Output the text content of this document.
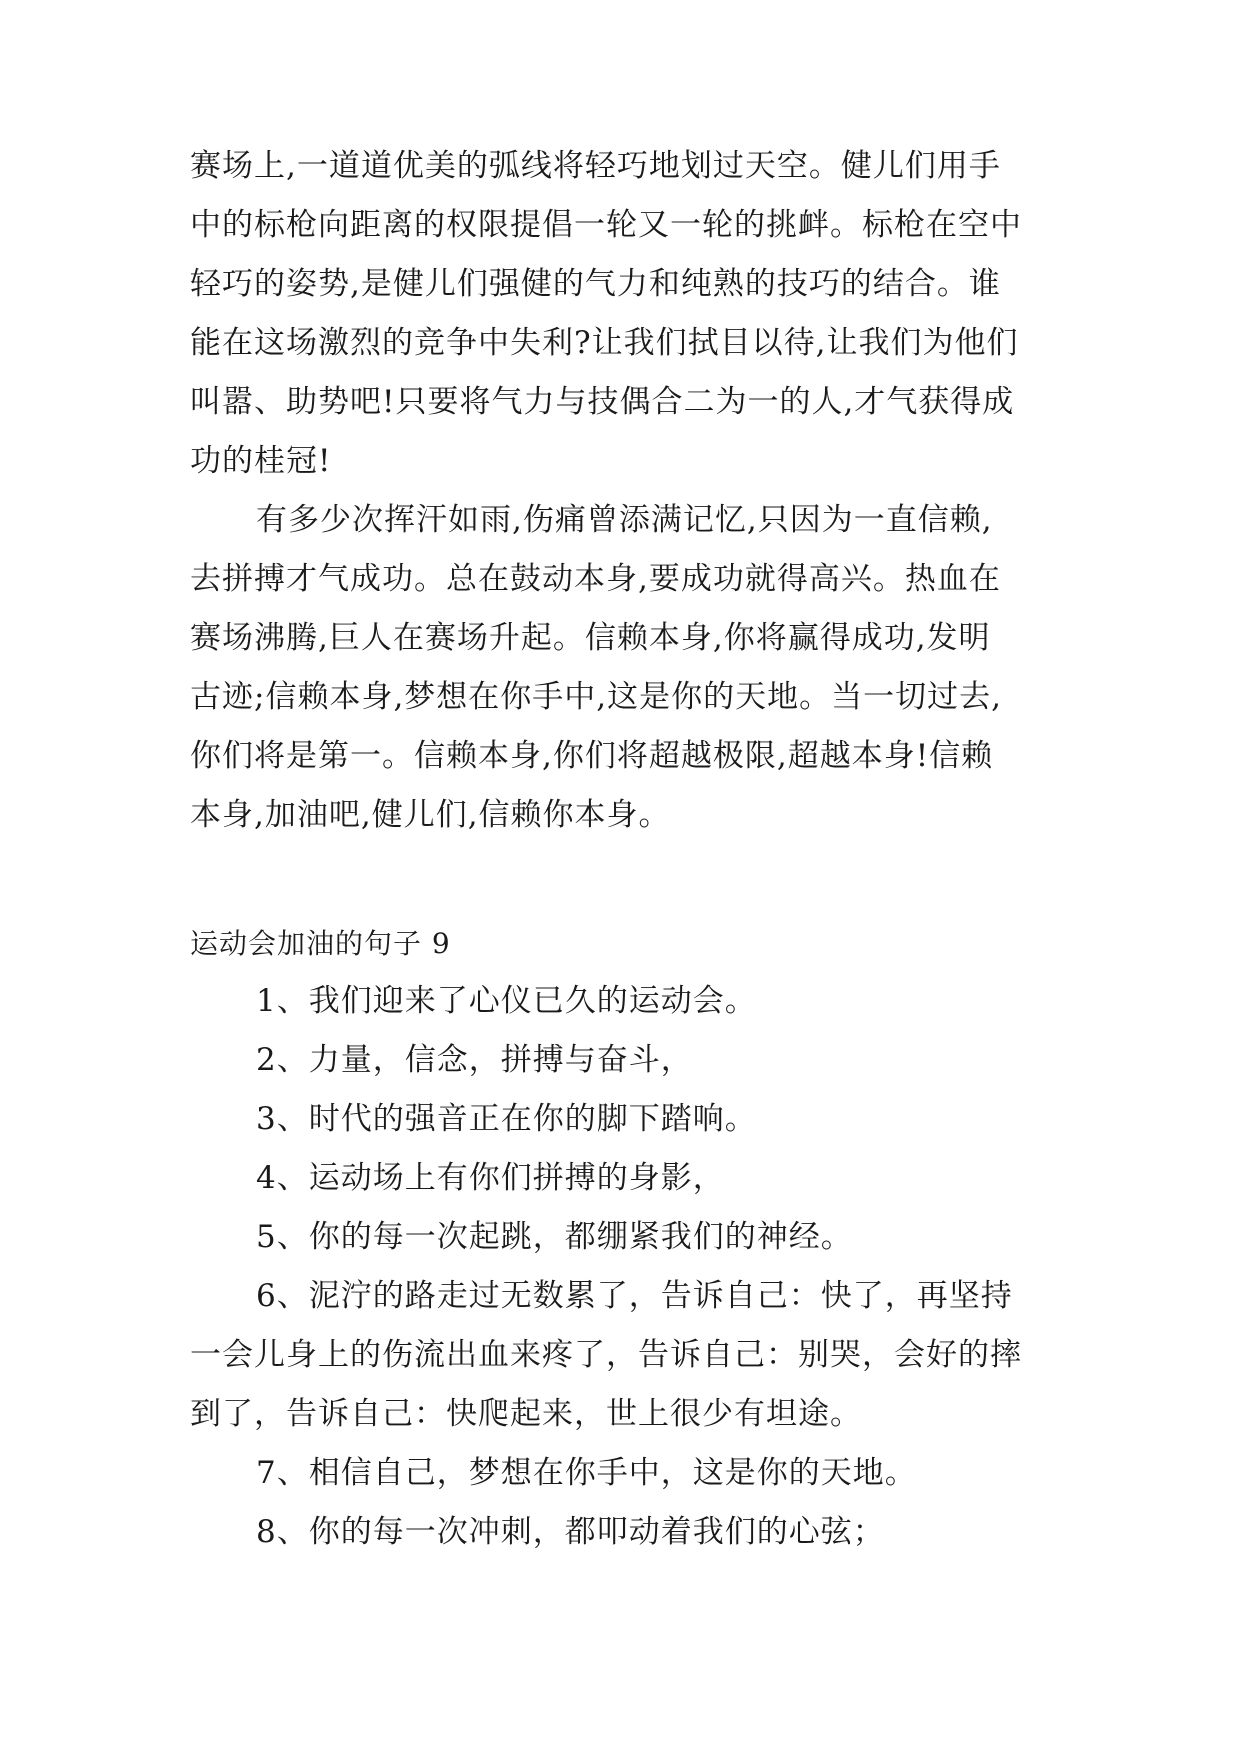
赛场上,一道道优美的弧线将轻巧地划过天空。健儿们用手
中的标枪向距离的权限提倡一轮又一轮的挑衅。标枪在空中
轻巧的姿势,是健儿们强健的气力和纯熟的技巧的结合。谁
能在这场激烈的竞争中失利?让我们拭目以待,让我们为他们
叫嚣、助势吧!只要将气力与技偶合二为一的人,才气获得成
功的桂冠!
有多少次挥汗如雨,伤痛曾添满记忆,只因为一直信赖,
去拼搏才气成功。总在鼓动本身,要成功就得高兴。热血在
赛场沸腾,巨人在赛场升起。信赖本身,你将赢得成功,发明
古迹;信赖本身,梦想在你手中,这是你的天地。当一切过去,
你们将是第一。信赖本身,你们将超越极限,超越本身!信赖
本身,加油吧,健儿们,信赖你本身。
运动会加油的句子 9
1、我们迎来了心仪已久的运动会。
2、力量，信念，拼搏与奋斗，
3、时代的强音正在你的脚下踏响。
4、运动场上有你们拼搏的身影，
5、你的每一次起跳，都绷紧我们的神经。
6、泥泞的路走过无数累了，告诉自己：快了，再坚持
一会儿身上的伤流出血来疼了，告诉自己：别哭，会好的摔
到了，告诉自己：快爬起来，世上很少有坦途。
7、相信自己，梦想在你手中，这是你的天地。
8、你的每一次冲刺，都叩动着我们的心弦；
